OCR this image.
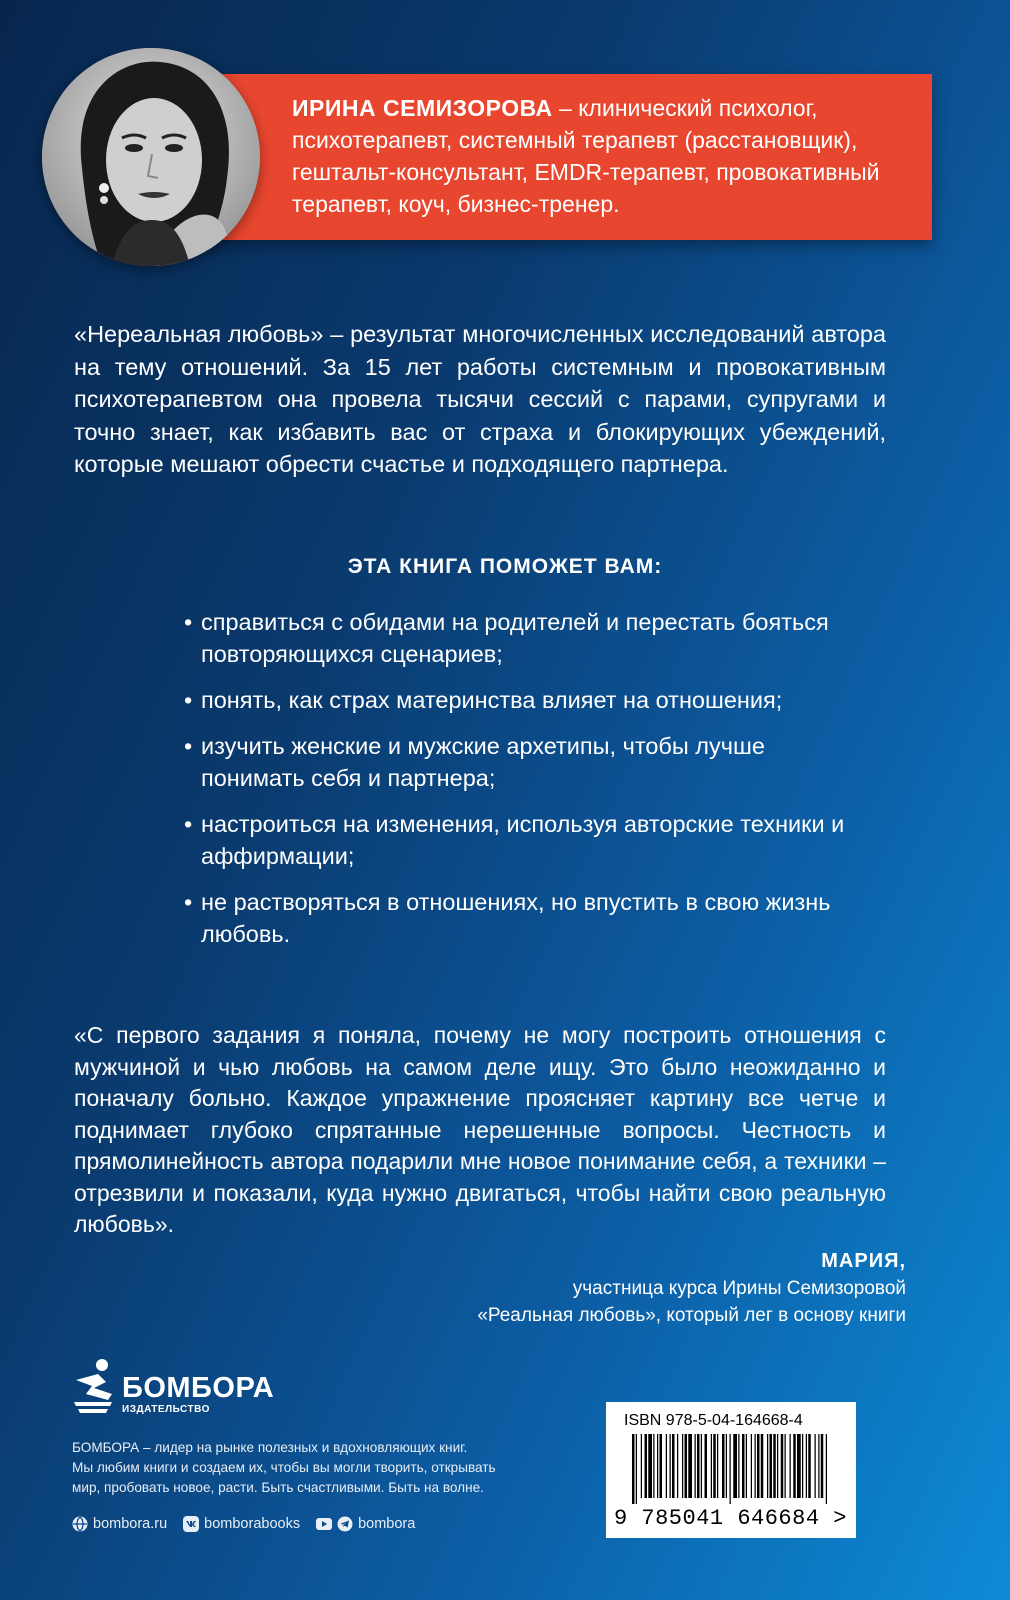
ИРИНА СЕМИЗОРОВА – клинический психолог, психотерапевт, системный терапевт (расстановщик), гештальт-консультант, EMDR-терапевт, провокативный терапевт, коуч, бизнес-тренер.
«Нереальная любовь» – результат многочисленных исследований автора на тему отношений. За 15 лет работы системным и провокативным психотерапевтом она провела тысячи сессий с парами, супругами и точно знает, как избавить вас от страха и блокирующих убеждений, которые мешают обрести счастье и подходящего партнера.
ЭТА КНИГА ПОМОЖЕТ ВАМ:
• справиться с обидами на родителей и перестать бояться повторяющихся сценариев;
• понять, как страх материнства влияет на отношения;
• изучить женские и мужские архетипы, чтобы лучше понимать себя и партнера;
• настроиться на изменения, используя авторские техники и аффирмации;
• не растворяться в отношениях, но впустить в свою жизнь любовь.
«С первого задания я поняла, почему не могу построить отношения с мужчиной и чью любовь на самом деле ищу. Это было неожиданно и поначалу больно. Каждое упражнение проясняет картину все четче и поднимает глубоко спрятанные нерешенные вопросы. Честность и прямолинейность автора подарили мне новое понимание себя, а техники – отрезвили и показали, куда нужно двигаться, чтобы найти свою реальную любовь».
МАРИЯ,
участница курса Ирины Семизоровой
«Реальная любовь», который лег в основу книги
БОМБОРА
ИЗДАТЕЛЬСТВО
БОМБОРА – лидер на рынке полезных и вдохновляющих книг.
Мы любим книги и создаем их, чтобы вы могли творить, открывать
мир, пробовать новое, расти. Быть счастливыми. Быть на волне.
bombora.ru	bomborabooks	bombora
ISBN 978-5-04-164668-4
9 785041 646684 >
